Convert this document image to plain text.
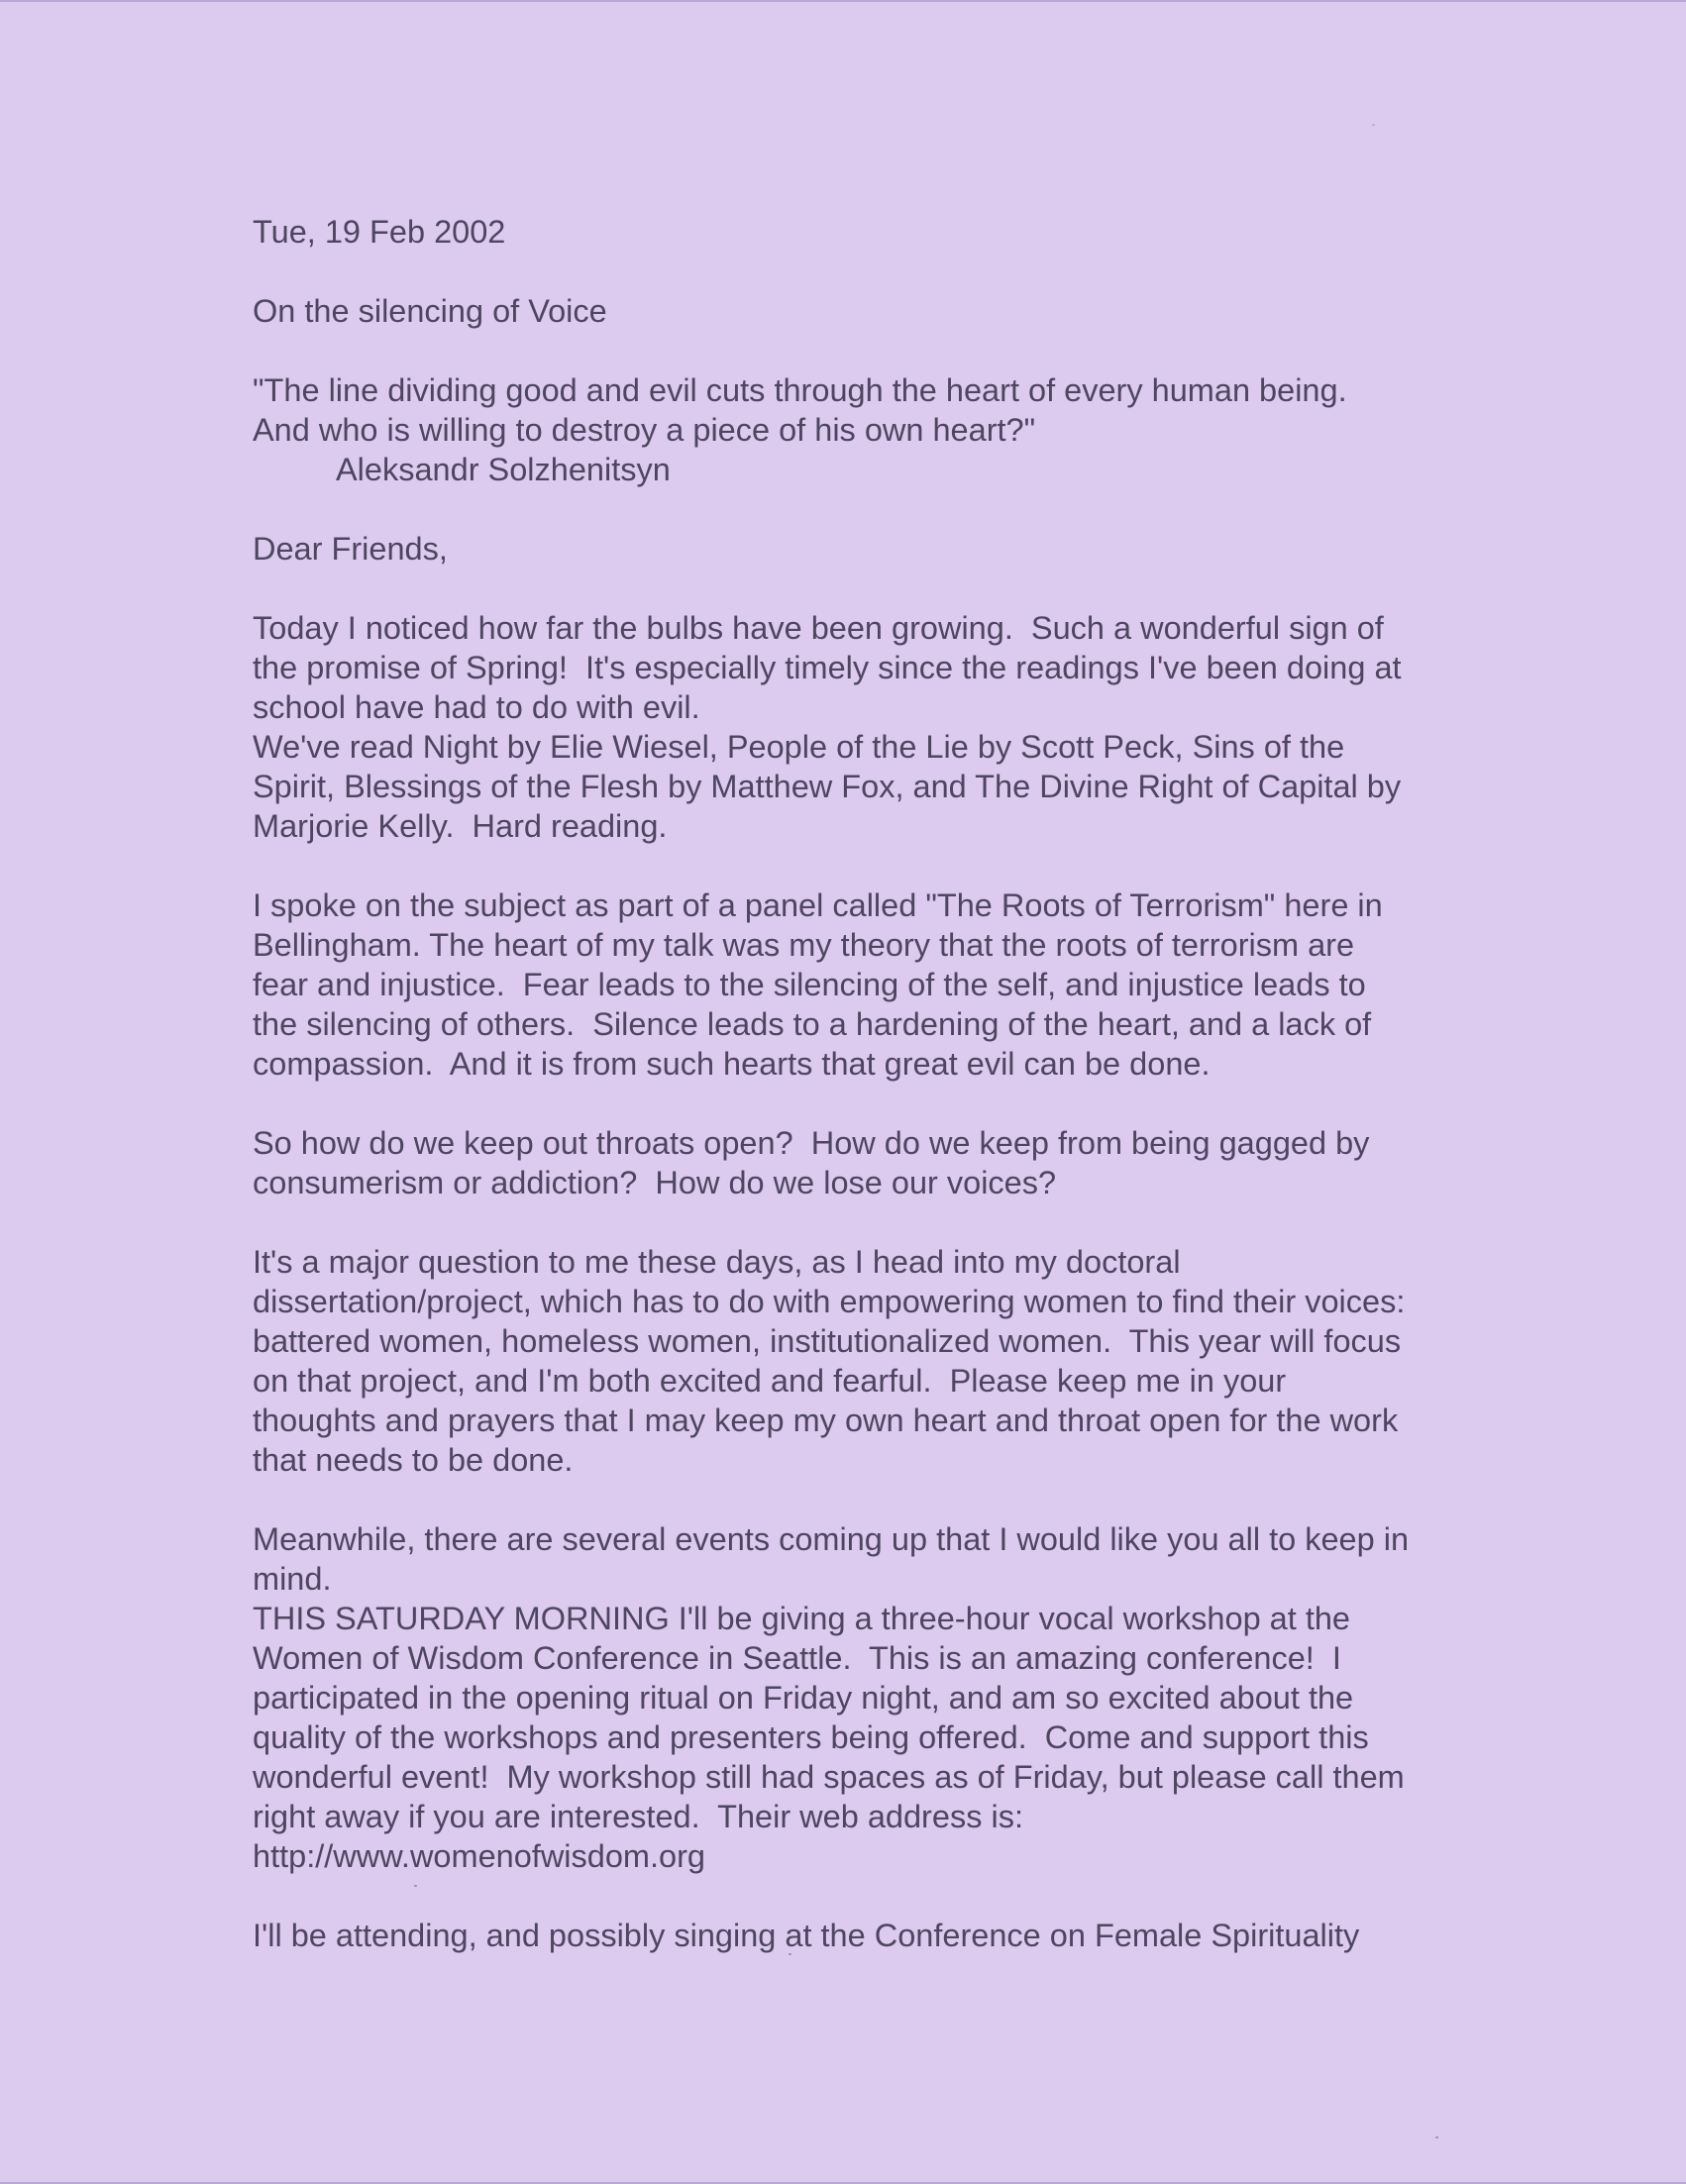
Tue, 19 Feb 2002
On the silencing of Voice
"The line dividing good and evil cuts through the heart of every human being.
And who is willing to destroy a piece of his own heart?"
Aleksandr Solzhenitsyn
Dear Friends,
Today I noticed how far the bulbs have been growing.  Such a wonderful sign of
the promise of Spring!  It's especially timely since the readings I've been doing at
school have had to do with evil.
We've read Night by Elie Wiesel, People of the Lie by Scott Peck, Sins of the
Spirit, Blessings of the Flesh by Matthew Fox, and The Divine Right of Capital by
Marjorie Kelly.  Hard reading.
I spoke on the subject as part of a panel called "The Roots of Terrorism" here in
Bellingham. The heart of my talk was my theory that the roots of terrorism are
fear and injustice.  Fear leads to the silencing of the self, and injustice leads to
the silencing of others.  Silence leads to a hardening of the heart, and a lack of
compassion.  And it is from such hearts that great evil can be done.
So how do we keep out throats open?  How do we keep from being gagged by
consumerism or addiction?  How do we lose our voices?
It's a major question to me these days, as I head into my doctoral
dissertation/project, which has to do with empowering women to find their voices:
battered women, homeless women, institutionalized women.  This year will focus
on that project, and I'm both excited and fearful.  Please keep me in your
thoughts and prayers that I may keep my own heart and throat open for the work
that needs to be done.
Meanwhile, there are several events coming up that I would like you all to keep in
mind.
THIS SATURDAY MORNING I'll be giving a three-hour vocal workshop at the
Women of Wisdom Conference in Seattle.  This is an amazing conference!  I
participated in the opening ritual on Friday night, and am so excited about the
quality of the workshops and presenters being offered.  Come and support this
wonderful event!  My workshop still had spaces as of Friday, but please call them
right away if you are interested.  Their web address is:
http://www.womenofwisdom.org
I'll be attending, and possibly singing at the Conference on Female Spirituality
